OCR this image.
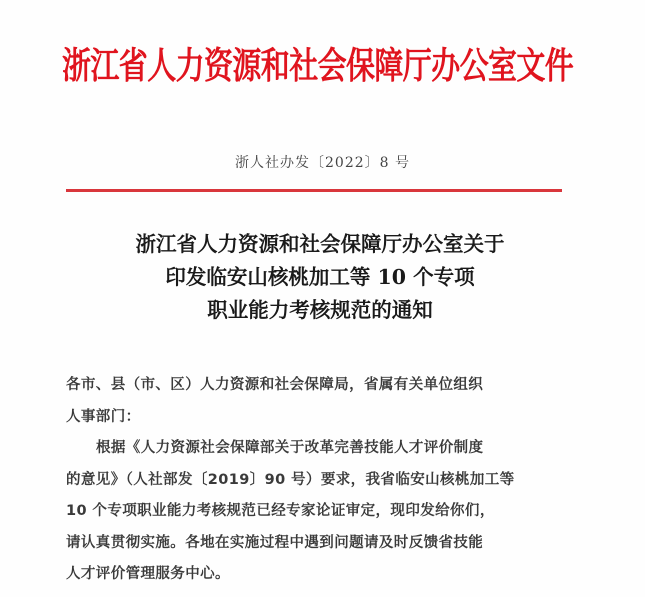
浙江省人力资源和社会保障厅办公室文件
浙人社办发〔2022〕8 号
浙江省人力资源和社会保障厅办公室关于
印发临安山核桃加工等 10 个专项
职业能力考核规范的通知
各市、县（市、区）人力资源和社会保障局，省属有关单位组织
人事部门：
根据《人力资源社会保障部关于改革完善技能人才评价制度
的意见》（人社部发〔2019〕90 号）要求，我省临安山核桃加工等
10 个专项职业能力考核规范已经专家论证审定，现印发给你们，
请认真贯彻实施。各地在实施过程中遇到问题请及时反馈省技能
人才评价管理服务中心。
